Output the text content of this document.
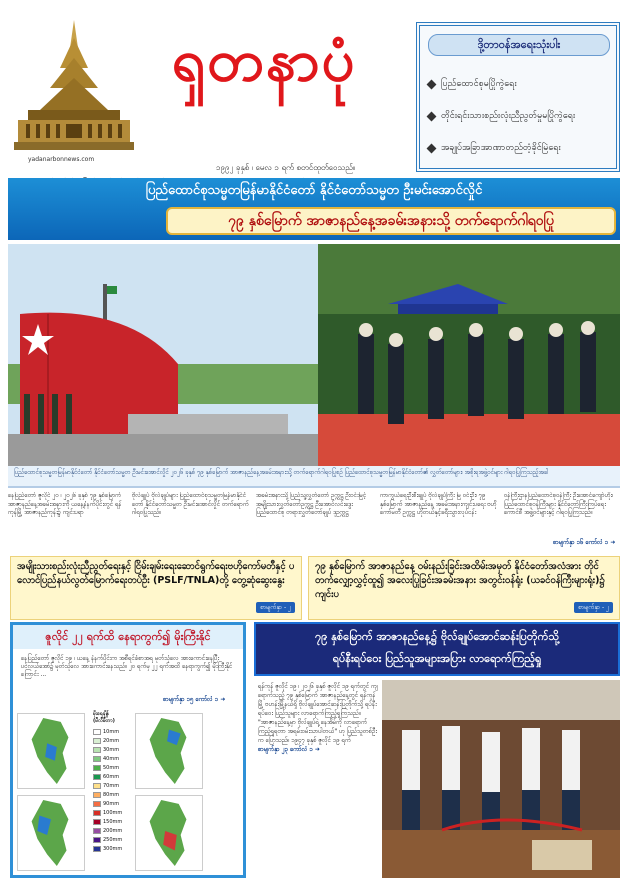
ၡတနာပုံ
yadanarbonnews.com
၁၉၉၂ ခုနှစ် ၊ မေလ ၁ ရက် စတင်ထုတ်ဝေသည်။
ဒို့တာဝန်အရေးသုံးပါး
ပြည်ထောင်စုမပြိုကွဲရေး
တိုင်းရင်းသားစည်းလုံးညီညွတ်မှုမပြိုကွဲရေး
အချုပ်အခြာအာဏာတည်တံ့ခိုင်မြဲရေး
ပြည်ထောင်စုသမ္မတမြန်မာနိုင်ငံတော် နိုင်ငံတော်သမ္မတ ဦးမင်းအောင်လှိုင်
၇၉ နှစ်မြောက် အာဇာနည်နေ့အခမ်းအနားသို့ တက်ရောက်ဂါရဝပြု
ပြည်ထောင်စုသမ္မတမြန်မာနိုင်ငံတော် နိုင်ငံတော်သမ္မတ ဦးမင်းအောင်လှိုင် ၂၀၂၆ ခုနှစ် ၇၉ နှစ်မြောက် အာဇာနည်နေ့အခမ်းအနားသို့ တက်ရောက်ဂါရဝပြုစဉ် ပြည်ထောင်စုသမ္မတမြန်မာနိုင်ငံတော်၏ လွှတ်တော်များ၊ အစိုးရအဖွဲ့ဝင်များ ဂါရဝပြုကြသည့်အခါ
နေပြည်တော် ဇူလိုင် ၂၀ ၊ ၂၀၂၆ ခုနှစ် ၇၉ နှစ်မြောက် အာဇာနည်နေ့အခမ်းအနားကို ယနေ့နံနက်ပိုင်းတွင် ရန်ကုန်မြို့ အာဇာနည်ကုန်း၌ ကျင်းပရာ
ဗိုလ်ချုပ် ဗိုလ်ချုပ်များ ပြည်ထောင်စုသမ္မတမြန်မာနိုင်ငံတော် နိုင်ငံတော်သမ္မတ ဦးမင်းအောင်လှိုင် တက်ရောက်ဂါရဝပြုသည်။
အခမ်းအနားသို့ ပြည်သူ့လွှတ်တော် ဥက္ကဋ္ဌ ဦးဝင်းမြင့် အမျိုးသားလွှတ်တော်ဥက္ကဋ္ဌ ဦးအောင်လင်းဒွေး ပြည်ထောင်စု တရားလွှတ်တော်ချုပ် ဒုဥက္ကဋ္ဌ
ကာကွယ်ရေးဦးစီးချုပ် ဗိုလ်ချုပ်ကြီး မြ ဝင်းဦး၊ ၇၉ နှစ်မြောက် အာဇာနည်နေ့ အခမ်းအနားကျင်းပရေး ဗဟိုကော်မတီ ဥက္ကဋ္ဌ ဟိုတယ်နှင့်ခရီးသွားလုပ်ငန်း
ဝန်ကြီးဌာနပြည်ထောင်စုဝန်ကြီး ဦးအောင်ကျော်ဟိုး၊ ပြည်ထောင်စုဝန်ကြီးများ နိုင်ငံတော်ကြီးကြပ်ရေးကောင်စီ အဖွဲ့ဝင်များနှင့် ဂါရဝပြုကြသည်။
စာမျက်နှာ ၁၆ ကော်လံ ၁ ➜
အမျိုးသားစည်းလုံးညီညွတ်ရေးနှင့် ငြိမ်းချမ်းရေးဆောင်ရွက်ရေးဗဟိုကော်မတီနှင့် ပလောင်ပြည်နယ်လွတ်မြောက်ရေးတပ်ဦး (PSLF/TNLA)တို့ တွေ့ဆုံဆွေးနွေး
စာမျက်နှာ - ၂
၇၉ နှစ်မြောက် အာဇာနည်နေ့ ဝမ်းနည်းခြင်းအထိမ်းအမှတ် နိုင်ငံတော်အလံအား တိုင်တက်လျှော့လွှင့်ထူ၍ အလေးပြုခြင်းအခမ်းအနား အတွင်းဝန်ရုံး (ယခင်ဝန်ကြီးများရုံး)၌ ကျင်းပ
စာမျက်နှာ - ၂
ဇူလိုင် ၂၂ ရက်ထိ နေရာကွက်၍ မိုးကြီးနိုင်
နေပြည်တော် ဇူလိုင် ၁၉ ၊ ယနေ့ နံနက်ပိုင်းက အစီရင်ခံစာအရ မုတ်သုံလေ အားကောင်းနေပြီး ပင်လယ်အော်၌ မုတ်သုံလေ အားကောင်းနေသည်။ ၂၀ ရက်မှ ၂၂ ရက်အထိ နေရာကွက်၍ မိုးကြီးနိုင်ကြောင်း ...
စာမျက်နှာ ၁၅ ကော်လံ ၁ ➜
မိုးရေချိန် (မီလီမီတာ)
10mm
20mm
30mm
40mm
50mm
60mm
70mm
80mm
90mm
100mm
150mm
200mm
250mm
300mm
၇၉ နှစ်မြောက် အာဇာနည်နေ့၌ ဗိုလ်ချုပ်အောင်ဆန်းပြတိုက်သို့
ရပ်နီးရပ်ဝေး ပြည်သူအများအပြား လာရောက်ကြည့်ရှု
ရန်ကုန် ဇူလိုင် ၁၉ ၊ ၂၀၂၆ ခုနှစ် ဇူလိုင် ၁၉ ရက်တွင် ကျရောက်သည့် ၇၉ နှစ်မြောက် အာဇာနည်နေ့တွင် ရန်ကုန်မြို့ ဗဟန်းမြို့နယ်ရှိ ဗိုလ်ချုပ်အောင်ဆန်းပြတိုက်သို့ ရပ်နီးရပ်ဝေး ပြည်သူများ လာရောက်ကြည့်ရှုကြသည်။ "အာဇာနည်နေ့မှာ ဗိုလ်ချုပ်ရဲ့ နေအိမ်ကို လာရောက်ကြည့်ရှုရတာ အရမ်းဝမ်းသာပါတယ်" ဟု ပြည်သူတစ်ဦးက ပြောသည်။ ၁၉၄၇ ခုနှစ် ဇူလိုင် ၁၉ ရက်
စာမျက်နှာ ၂၃ ကော်လံ ၁ ➜
